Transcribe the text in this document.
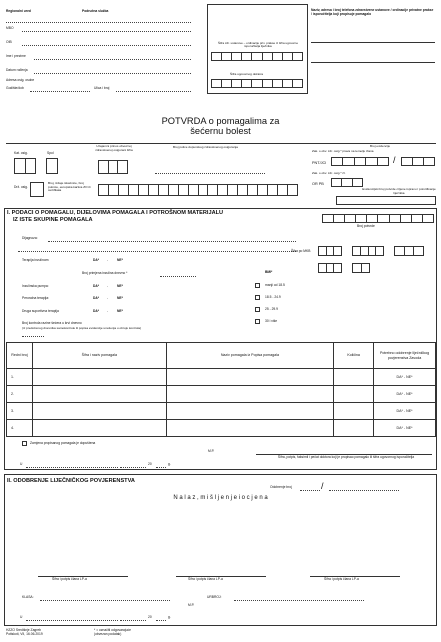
Regionalni ured	Područna služba
MBO
OIB
Ime i prezime
Datum rođenja
Adresa osig. osobe
Godište/dob	Ulica i broj
Naziv, adresa i broj telefona zdravstvene ustanove / ordinacije privatne prakse / isporučitelja koji propisuje pomagalo
Šifra zdr. ustanove – ordinacije priv. prakse iz šifra ugovorne isporučitelja liječnika
Šifra ugovornog doktora
POTVRDA o pomagalima za
šećernu bolest
Kat. osig.	Spol
Uzajamni prinos obveznoj zdravstvenoj osigurani šifra
Broj police dopunskog zdravstvenog osiguranja	Broj evidencije
Zak. o obv. zdr. osig.* prava na temelju člana
PNT/JCI	/
Zak. o obv. zdr. osig.* čl.
OR PB
Drž. osig.
Broj, izdaje iskaznice, broj putnice, europska kartica ZO ili certifikata	Evidencijski broj potvrde crljene ispravu / potvrđivanje liječnika
I. PODACI O POMAGALU, DIJELOVIMA POMAGALA I POTROŠNOM MATERIJALU
IZ ISTE SKUPINE POMAGALA
Broj potvrde
Dijagnoza:
Šifra po MKB
Terapija inzulinom:	DA* -	NE*
Broj primjena inzulina dnevno *	BMI*
Inzulinska pumpa:	DA* -	NE*
Peroralna terapija:	DA* -	NE*
Druga suportivna terapija	DA* -	NE*
manji od 18.5
18.5 - 24.9
25 - 29.9
30 i više
Broj kontrola razine šećera u krvi dnevno
(iz predočenog dnevnika samokontrole ili popisa evidencije unešenja u obroju kontrola)
Redni broj	Šifra i naziv pomagala	Naziv pomagala iz Popisa pomagala	Količina	Potrebno odobrenje liječničkog povjerenstva Zavoda
1.				DA* - NE*
2.				DA* - NE*
3.				DA* - NE*
4.				DA* - NE*
Zamjena propisanog pomagala je dopuštena
M.P.
U	20	g.
Šifra, potpis, faksimil i pečat doktora koji je propisao pomagalo ili šifra ugovornog isporučitelja
II. ODOBRENJE LIJEČNIČKOG POVJERENSTVA
Odobrenje broj	/
N a l a z , m i š l j e n j e i o c j e n a
Šifra i potpis člana LP-a	Šifra i potpis člana LP-a	Šifra i potpis člana LP-a
KLASA:	URBROJ:
M.P.
U	20	g.
HZZO Središnje Zagreb
Potiskoti, VII, 16.06.2019
* = označiti odgovarajuće
(obvezan podatak)
